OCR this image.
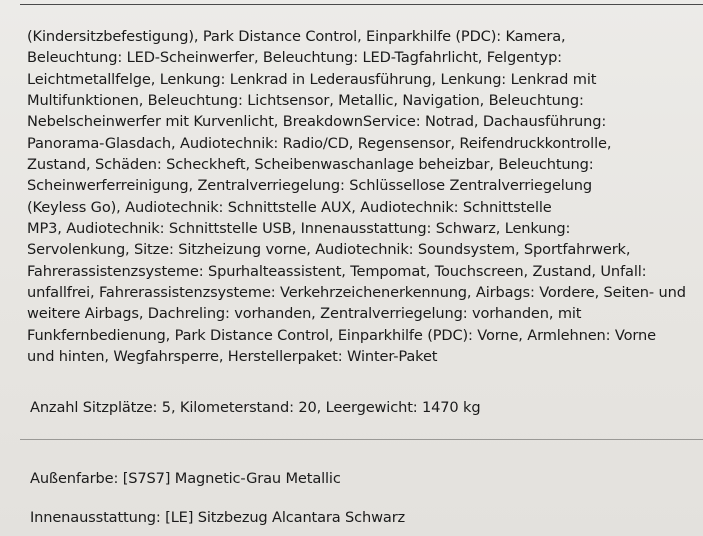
(Kindersitzbefestigung), Park Distance Control, Einparkhilfe (PDC): Kamera,
Beleuchtung: LED-Scheinwerfer, Beleuchtung: LED-Tagfahrlicht, Felgentyp:
Leichtmetallfelge, Lenkung: Lenkrad in Lederausführung, Lenkung: Lenkrad mit
Multifunktionen, Beleuchtung: Lichtsensor, Metallic, Navigation, Beleuchtung:
Nebelscheinwerfer mit Kurvenlicht, BreakdownService: Notrad, Dachausführung:
Panorama-Glasdach, Audiotechnik: Radio/CD, Regensensor, Reifendruckkontrolle,
Zustand, Schäden: Scheckheft, Scheibenwaschanlage beheizbar, Beleuchtung:
Scheinwerferreinigung, Zentralverriegelung: Schlüssellose Zentralverriegelung
(Keyless Go), Audiotechnik: Schnittstelle AUX, Audiotechnik: Schnittstelle
MP3, Audiotechnik: Schnittstelle USB, Innenausstattung: Schwarz, Lenkung:
Servolenkung, Sitze: Sitzheizung vorne, Audiotechnik: Soundsystem, Sportfahrwerk,
Fahrerassistenzsysteme: Spurhalteassistent, Tempomat, Touchscreen, Zustand, Unfall:
unfallfrei, Fahrerassistenzsysteme: Verkehrzeichenerkennung, Airbags: Vordere, Seiten- und
weitere Airbags, Dachreling: vorhanden, Zentralverriegelung: vorhanden, mit
Funkfernbedienung, Park Distance Control, Einparkhilfe (PDC): Vorne, Armlehnen: Vorne
und hinten, Wegfahrsperre, Herstellerpaket: Winter-Paket

Anzahl Sitzplätze: 5, Kilometerstand: 20, Leergewicht: 1470 kg

Außenfarbe: [S7S7] Magnetic-Grau Metallic

Innenausstattung: [LE] Sitzbezug Alcantara Schwarz
